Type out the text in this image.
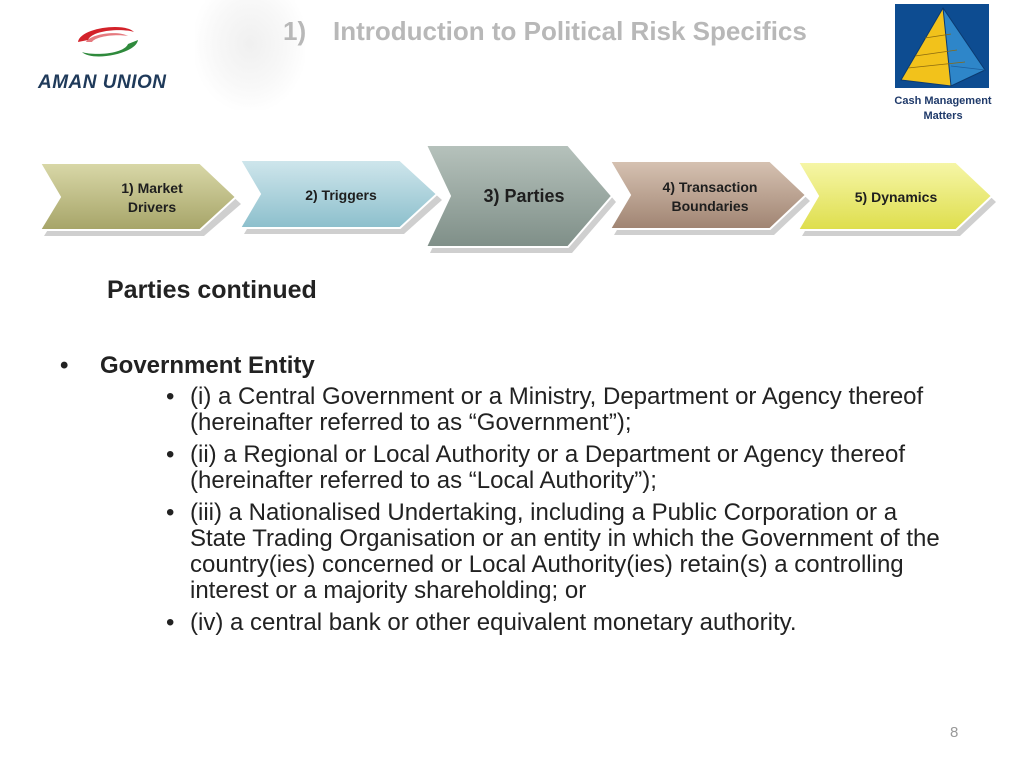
AMAN UNION
1) Introduction to Political Risk Specifics
Cash Management Matters
1) Market Drivers
2) Triggers	3) Parties	4) Transaction Boundaries
5) Dynamics
Parties continued
• Government Entity
• (i) a Central Government or a Ministry, Department or Agency thereof (hereinafter referred to as “Government”);
• (ii) a Regional or Local Authority or a Department or Agency thereof (hereinafter referred to as “Local Authority”);
• (iii) a Nationalised Undertaking, including a Public Corporation or a State Trading Organisation or an entity in which the Government of the country(ies) concerned or Local Authority(ies) retain(s) a controlling interest or a majority shareholding; or
• (iv) a central bank or other equivalent monetary authority.
8
